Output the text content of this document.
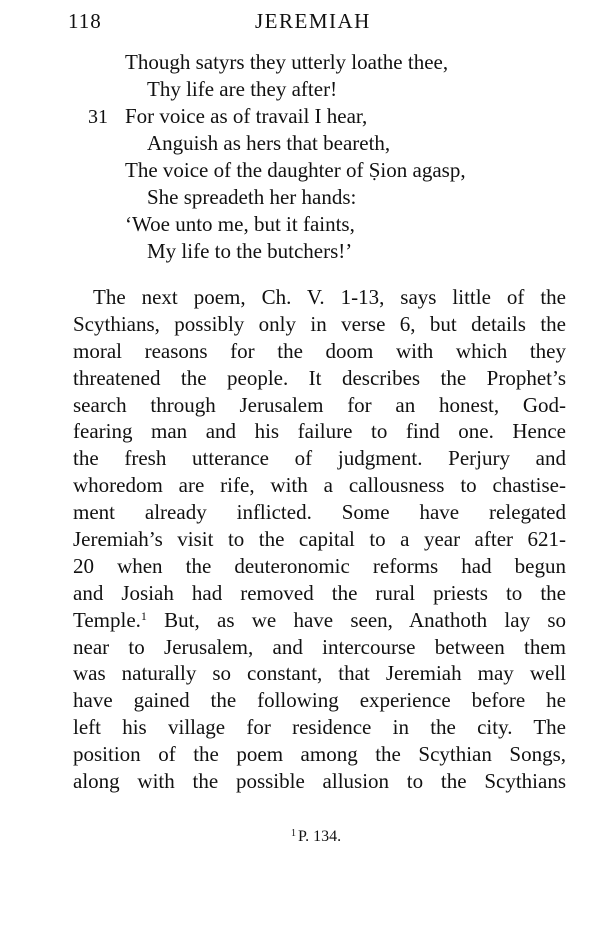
118	JEREMIAH
Though satyrs they utterly loathe thee,
Thy life are they after!
31 For voice as of travail I hear,
Anguish as hers that beareth,
The voice of the daughter of Ṣion agasp,
She spreadeth her hands:
‘Woe unto me, but it faints,
My life to the butchers!’
The next poem, Ch. V. 1-13, says little of the
Scythians, possibly only in verse 6, but details the
moral reasons for the doom with which they
threatened the people. It describes the Prophet’s
search through Jerusalem for an honest, God-
fearing man and his failure to find one. Hence
the fresh utterance of judgment. Perjury and
whoredom are rife, with a callousness to chastise-
ment already inflicted. Some have relegated
Jeremiah’s visit to the capital to a year after 621-
20 when the deuteronomic reforms had begun
and Josiah had removed the rural priests to the
Temple.$^1$ But, as we have seen, Anathoth lay so
near to Jerusalem, and intercourse between them
was naturally so constant, that Jeremiah may well
have gained the following experience before he
left his village for residence in the city. The
position of the poem among the Scythian Songs,
along with the possible allusion to the Scythians
$^1$ P. 134.
